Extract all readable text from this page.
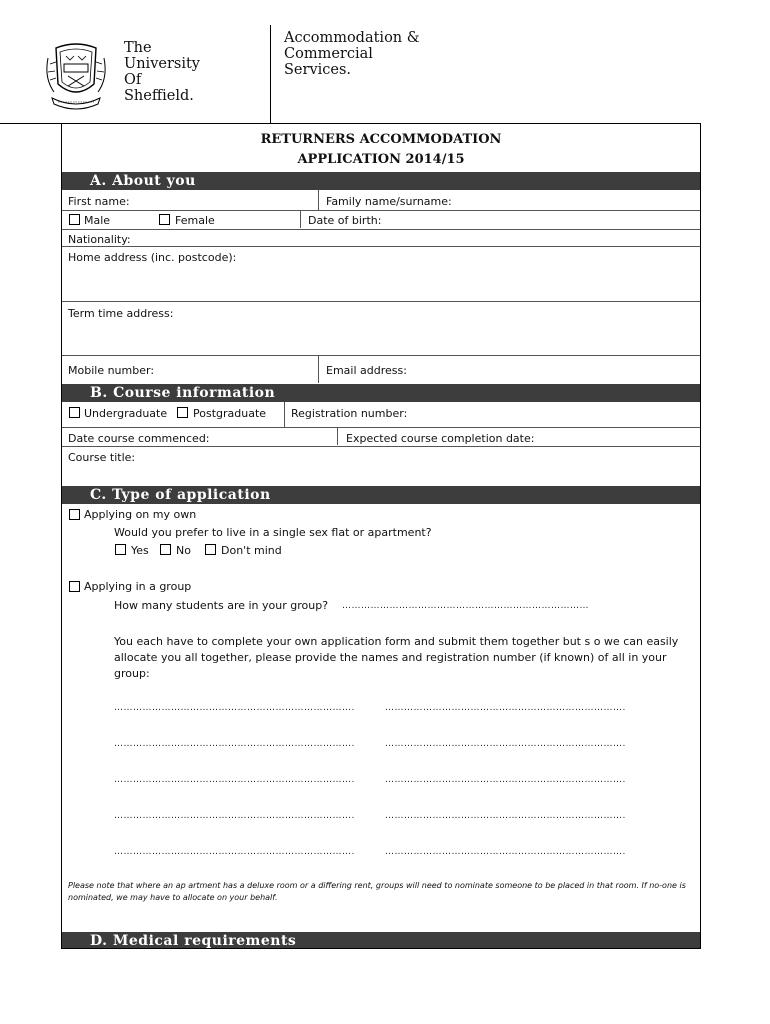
The
University
Of
Sheffield.
Accommodation &
Commercial
Services.
RETURNERS ACCOMMODATION
APPLICATION 2014/15
A. About you
First name:	Family name/surname:
Male	Female	Date of birth:
Nationality:
Home address (inc. postcode):
Term time address:
Mobile number:	Email address:
B. Course information
Undergraduate Postgraduate Registration number:
Date course commenced:	Expected course completion date:
Course title:
C. Type of application
Applying on my own
Would you prefer to live in a single sex flat or apartment?
Yes No	Don't mind
Applying in a group
How many students are in your group? ……………………………………………………………………
You each have to complete your own application form and submit them together but s o we can easily allocate you all together, please provide the names and registration number (if known) of all in your group:
………………………………………………………………….	………………………………………………………………….
………………………………………………………………….	………………………………………………………………….
………………………………………………………………….	………………………………………………………………….
………………………………………………………………….	………………………………………………………………….
………………………………………………………………….	………………………………………………………………….
Please note that where an ap artment has a deluxe room or a differing rent, groups will need to nominate someone to be placed in that room. If no-one is nominated, we may have to allocate on your behalf.
D. Medical requirements
